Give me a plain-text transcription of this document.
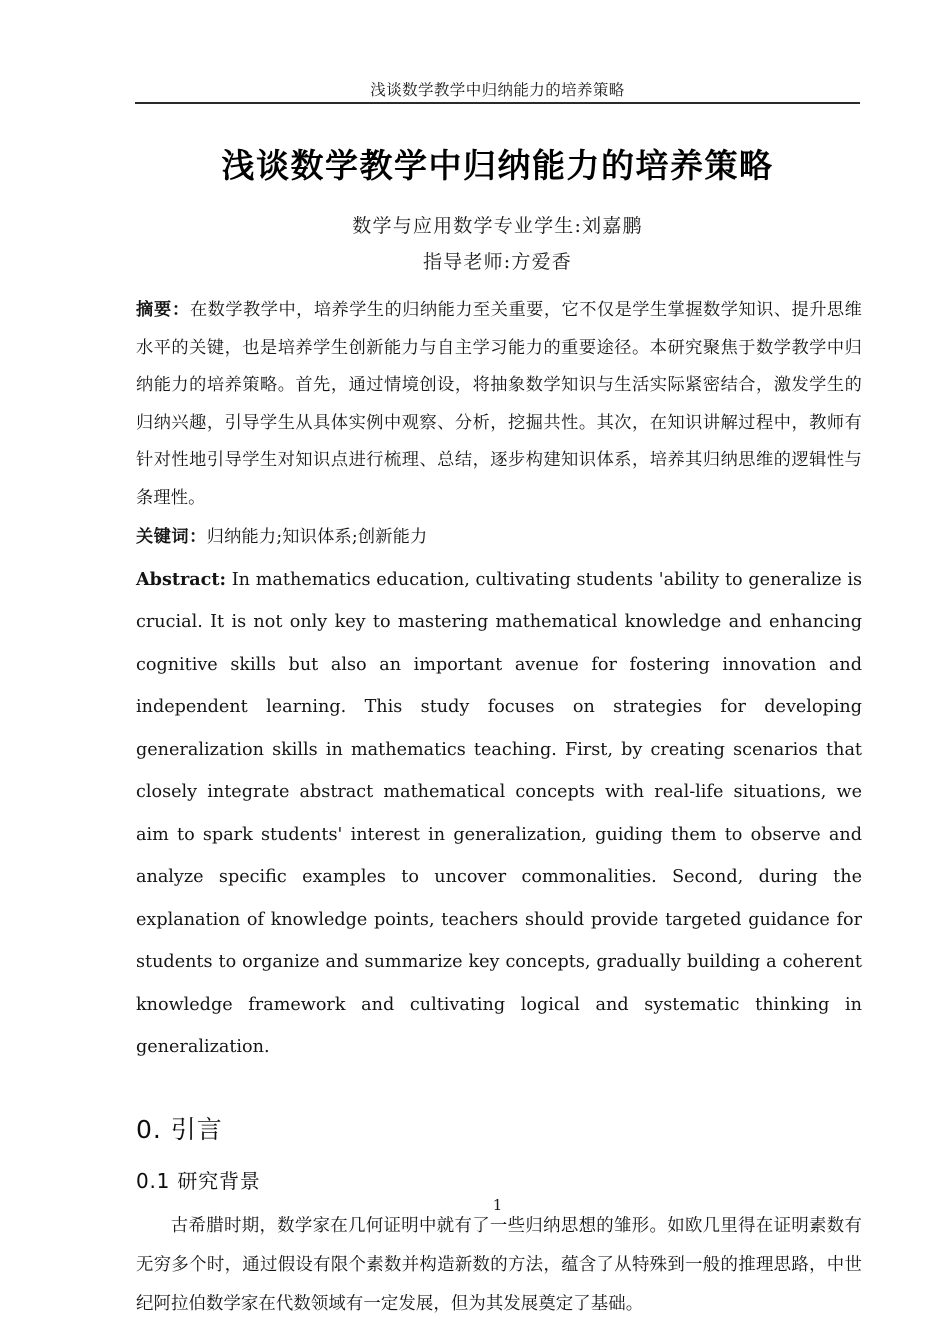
浅谈数学教学中归纳能力的培养策略
浅谈数学教学中归纳能力的培养策略
数学与应用数学专业学生:刘嘉鹏
指导老师:方爱香

摘要：在数学教学中，培养学生的归纳能力至关重要，它不仅是学生掌握数学知识、提升思维水平的关键，也是培养学生创新能力与自主学习能力的重要途径。本研究聚焦于数学教学中归纳能力的培养策略。首先，通过情境创设，将抽象数学知识与生活实际紧密结合，激发学生的归纳兴趣，引导学生从具体实例中观察、分析，挖掘共性。其次，在知识讲解过程中，教师有针对性地引导学生对知识点进行梳理、总结，逐步构建知识体系，培养其归纳思维的逻辑性与条理性。

关键词：归纳能力;知识体系;创新能力

Abstract: In mathematics education, cultivating students 'ability to generalize is crucial. It is not only key to mastering mathematical knowledge and enhancing cognitive skills but also an important avenue for fostering innovation and independent learning. This study focuses on strategies for developing generalization skills in mathematics teaching. First, by creating scenarios that closely integrate abstract mathematical concepts with real-life situations, we aim to spark students' interest in generalization, guiding them to observe and analyze specific examples to uncover commonalities. Second, during the explanation of knowledge points, teachers should provide targeted guidance for students to organize and summarize key concepts, gradually building a coherent knowledge framework and cultivating logical and systematic thinking in generalization.

0. 引言
0.1 研究背景

古希腊时期，数学家在几何证明中就有了一些归纳思想的雏形。如欧几里得在证明素数有无穷多个时，通过假设有限个素数并构造新数的方法，蕴含了从特殊到一般的推理思路，中世纪阿拉伯数学家在代数领域有一定发展，但为其发展奠定了基础。

1
